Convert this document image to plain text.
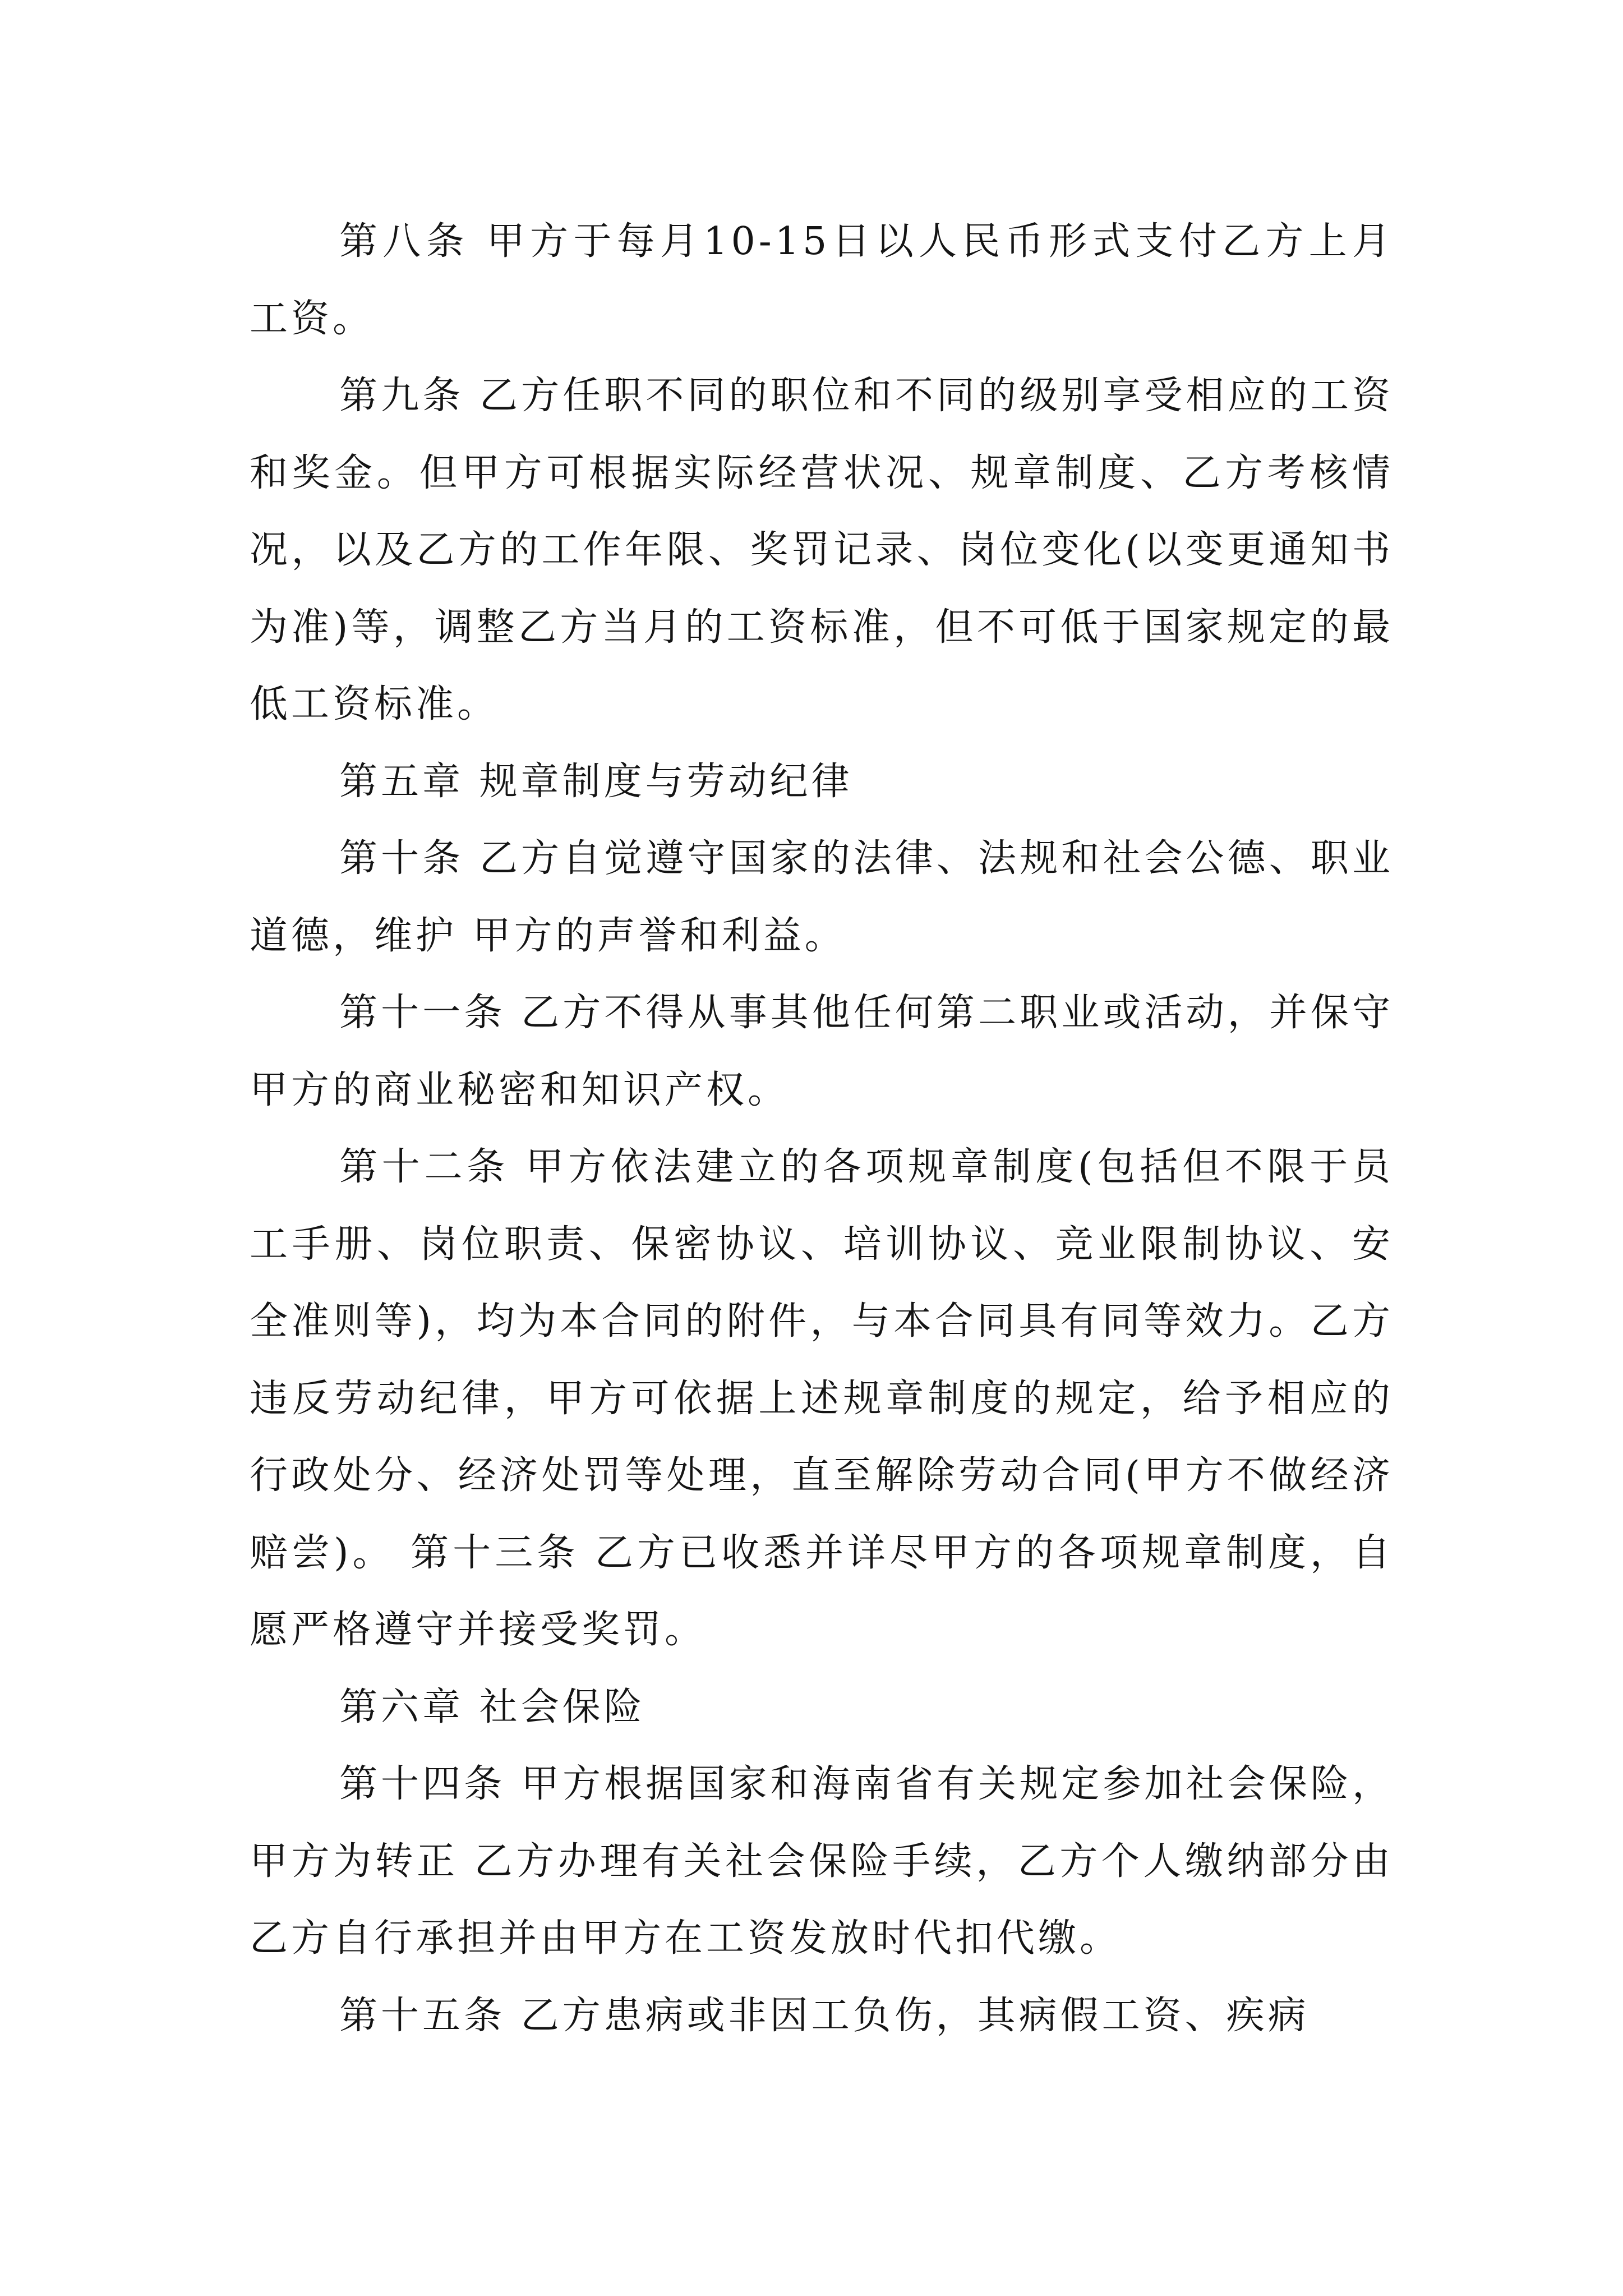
第八条 甲方于每月10-15日以人民币形式支付乙方上月工资。

第九条 乙方任职不同的职位和不同的级别享受相应的工资和奖金。但甲方可根据实际经营状况、规章制度、乙方考核情况，以及乙方的工作年限、奖罚记录、岗位变化(以变更通知书为准)等，调整乙方当月的工资标准，但不可低于国家规定的最低工资标准。

第五章 规章制度与劳动纪律

第十条 乙方自觉遵守国家的法律、法规和社会公德、职业道德，维护 甲方的声誉和利益。

第十一条 乙方不得从事其他任何第二职业或活动，并保守甲方的商业秘密和知识产权。

第十二条 甲方依法建立的各项规章制度(包括但不限于员工手册、岗位职责、保密协议、培训协议、竞业限制协议、安全准则等)，均为本合同的附件，与本合同具有同等效力。乙方违反劳动纪律，甲方可依据上述规章制度的规定，给予相应的行政处分、经济处罚等处理，直至解除劳动合同(甲方不做经济赔尝)。 第十三条 乙方已收悉并详尽甲方的各项规章制度，自愿严格遵守并接受奖罚。

第六章 社会保险

第十四条 甲方根据国家和海南省有关规定参加社会保险，甲方为转正 乙方办理有关社会保险手续，乙方个人缴纳部分由乙方自行承担并由甲方在工资发放时代扣代缴。

第十五条 乙方患病或非因工负伤，其病假工资、疾病
